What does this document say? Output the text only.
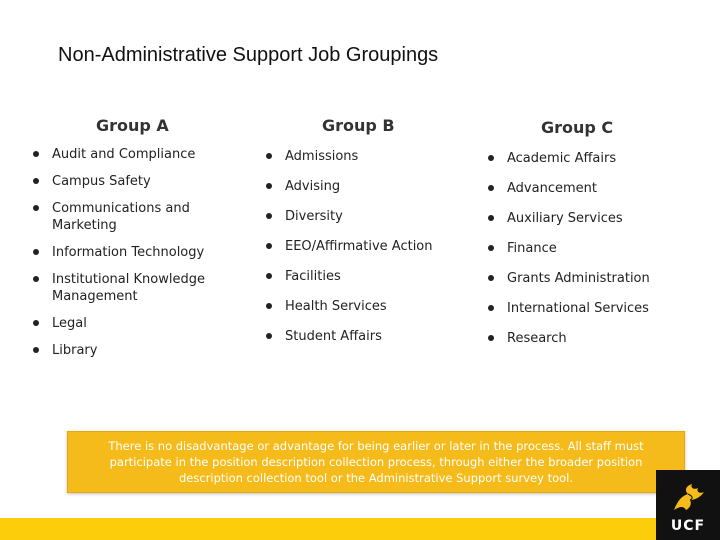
Non-Administrative Support Job Groupings
Group A	Group B	Group C
Audit and Compliance
Campus Safety
Communications and Marketing
Information Technology
Institutional Knowledge Management
Legal
Library
Admissions
Advising
Diversity
EEO/Affirmative Action
Facilities
Health Services
Student Affairs
Academic Affairs
Advancement
Auxiliary Services
Finance
Grants Administration
International Services
Research
There is no disadvantage or advantage for being earlier or later in the process. All staff must participate in the position description collection process, through either the broader position description collection tool or the Administrative Support survey tool.
UCF
